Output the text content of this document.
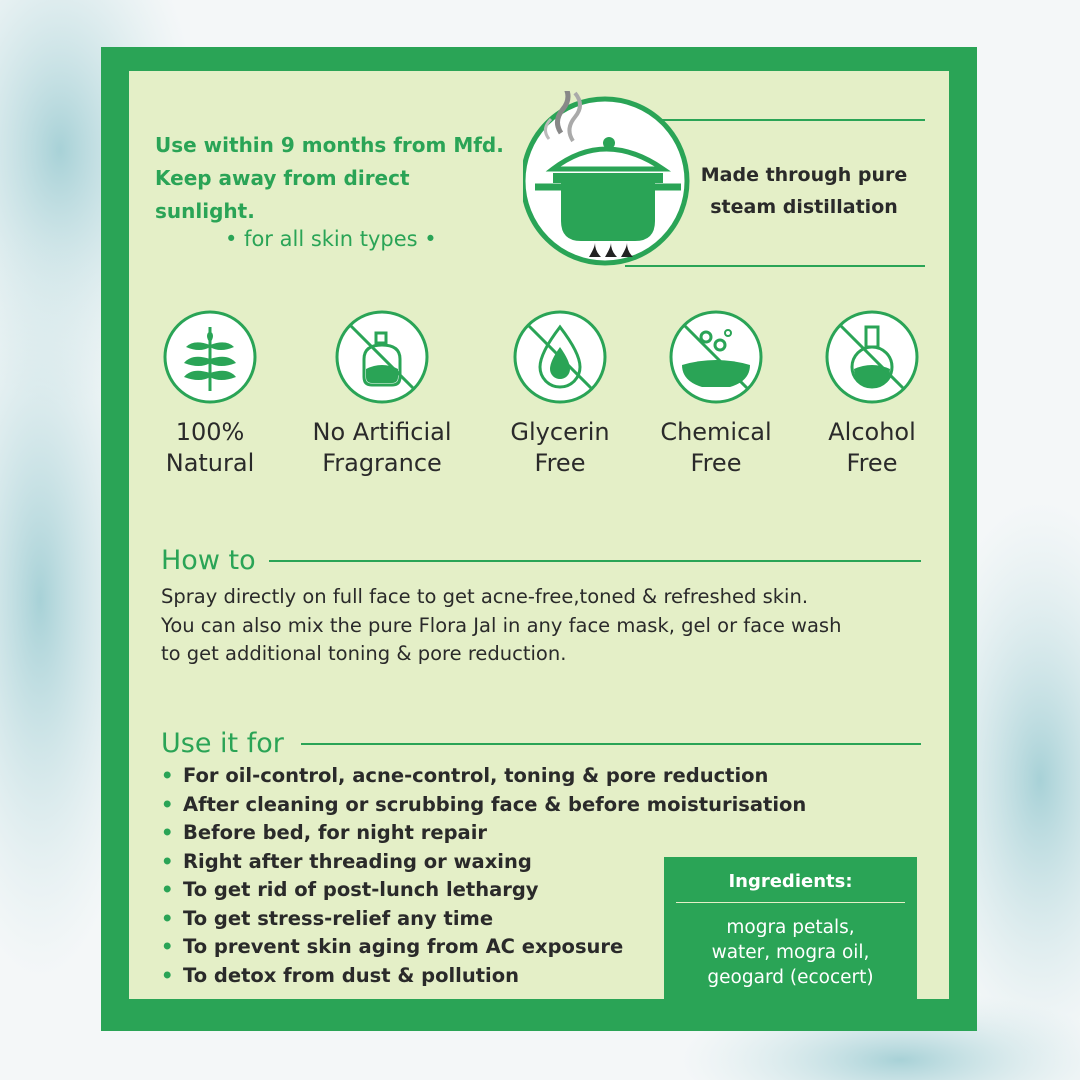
Use within 9 months from Mfd.
Keep away from direct sunlight.
• for all skin types •
Made through pure
steam distillation
100%
Natural
No Artificial
Fragrance
Glycerin
Free
Chemical
Free
Alcohol
Free
How to
Spray directly on full face to get acne-free,toned & refreshed skin.
You can also mix the pure Flora Jal in any face mask, gel or face wash
to get additional toning & pore reduction.
Use it for
• For oil-control, acne-control, toning & pore reduction
• After cleaning or scrubbing face & before moisturisation
• Before bed, for night repair
• Right after threading or waxing
• To get rid of post-lunch lethargy
• To get stress-relief any time
• To prevent skin aging from AC exposure
• To detox from dust & pollution
Ingredients:
mogra petals,
water, mogra oil,
geogard (ecocert)
